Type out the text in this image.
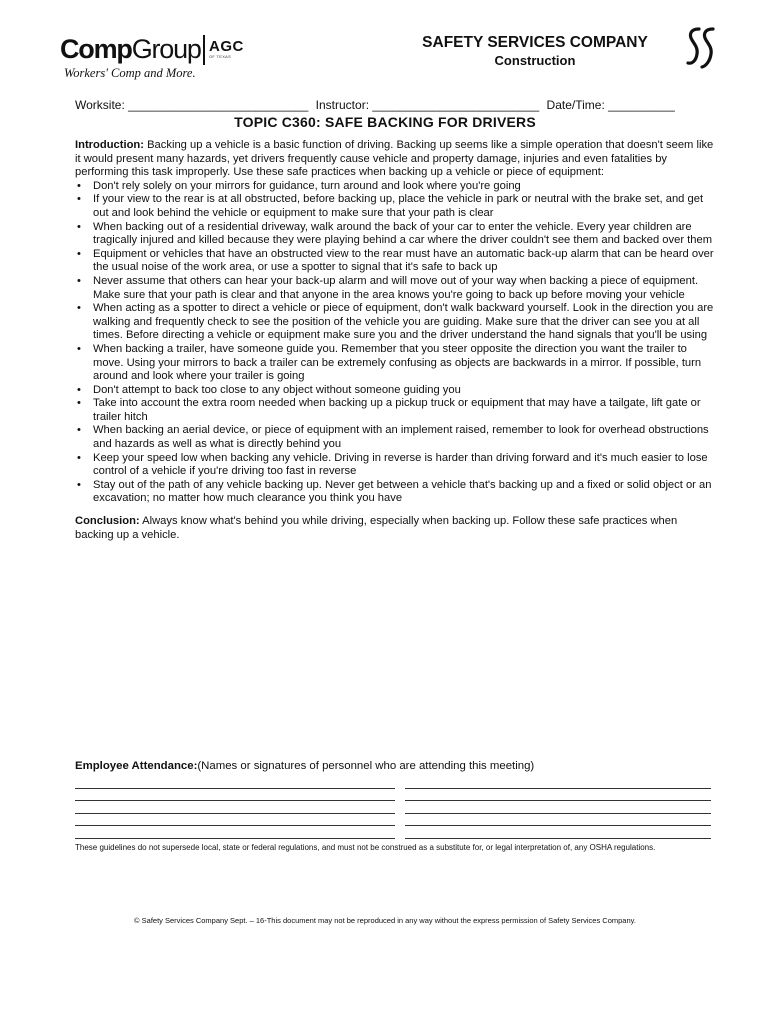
CompGroup AGC
OF TEXAS
Workers' Comp and More.
SAFETY SERVICES COMPANY
Construction
Worksite: ___________________________ Instructor: _________________________ Date/Time: __________
TOPIC C360: SAFE BACKING FOR DRIVERS

Introduction: Backing up a vehicle is a basic function of driving. Backing up seems like a simple operation that doesn't seem like it would present many hazards, yet drivers frequently cause vehicle and property damage, injuries and even fatalities by performing this task improperly. Use these safe practices when backing up a vehicle or piece of equipment:

• Don't rely solely on your mirrors for guidance, turn around and look where you're going
• If your view to the rear is at all obstructed, before backing up, place the vehicle in park or neutral with the brake set, and get out and look behind the vehicle or equipment to make sure that your path is clear
• When backing out of a residential driveway, walk around the back of your car to enter the vehicle. Every year children are tragically injured and killed because they were playing behind a car where the driver couldn't see them and backed over them
• Equipment or vehicles that have an obstructed view to the rear must have an automatic back-up alarm that can be heard over the usual noise of the work area, or use a spotter to signal that it's safe to back up
• Never assume that others can hear your back-up alarm and will move out of your way when backing a piece of equipment. Make sure that your path is clear and that anyone in the area knows you're going to back up before moving your vehicle
• When acting as a spotter to direct a vehicle or piece of equipment, don't walk backward yourself. Look in the direction you are walking and frequently check to see the position of the vehicle you are guiding. Make sure that the driver can see you at all times. Before directing a vehicle or equipment make sure you and the driver understand the hand signals that you'll be using
• When backing a trailer, have someone guide you. Remember that you steer opposite the direction you want the trailer to move. Using your mirrors to back a trailer can be extremely confusing as objects are backwards in a mirror. If possible, turn around and look where your trailer is going
• Don't attempt to back too close to any object without someone guiding you
• Take into account the extra room needed when backing up a pickup truck or equipment that may have a tailgate, lift gate or trailer hitch
• When backing an aerial device, or piece of equipment with an implement raised, remember to look for overhead obstructions and hazards as well as what is directly behind you
• Keep your speed low when backing any vehicle. Driving in reverse is harder than driving forward and it's much easier to lose control of a vehicle if you're driving too fast in reverse
• Stay out of the path of any vehicle backing up. Never get between a vehicle that's backing up and a fixed or solid object or an excavation; no matter how much clearance you think you have

Conclusion: Always know what's behind you while driving, especially when backing up. Follow these safe practices when backing up a vehicle.

Employee Attendance:(Names or signatures of personnel who are attending this meeting)
These guidelines do not supersede local, state or federal regulations, and must not be construed as a substitute for, or legal interpretation of, any OSHA regulations.
© Safety Services Company Sept. – 16-This document may not be reproduced in any way without the express permission of Safety Services Company.
